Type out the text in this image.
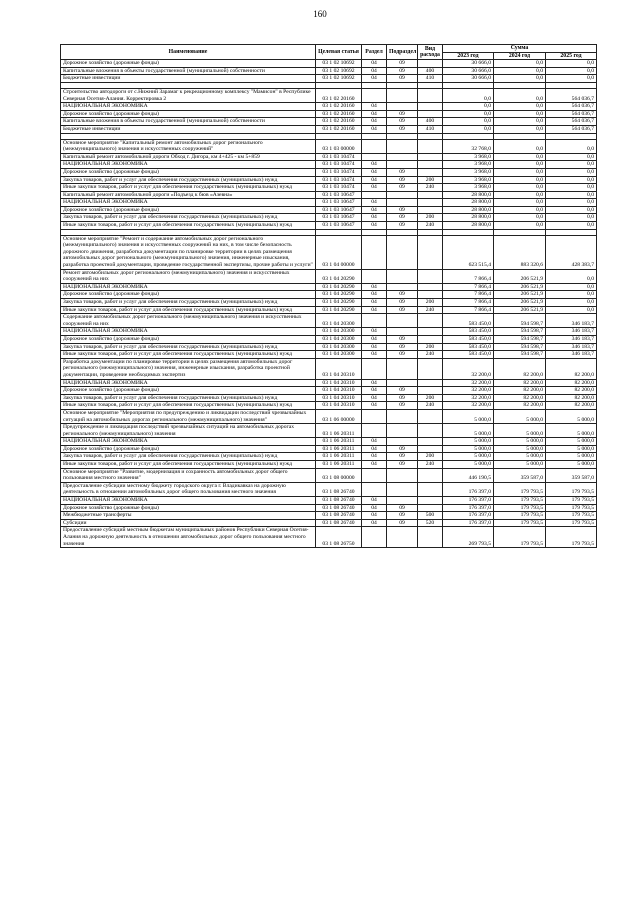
160
Наименование	Целевая статья	Раздел	Подраздел	Вид расхода	Сумма		
					2023 год	2024 год	2025 год
Дорожное хозяйство (дорожные фонды)	03 1 02 10692	04	09		30 666,0	0,0	0,0
Капитальные вложения в объекты государственной (муниципальной) собственности	03 1 02 10692	04	09	400	30 666,0	0,0	0,0
Бюджетные инвестиции	03 1 02 10692	04	09	410	30 666,0	0,0	0,0

Строительство автодороги от с.Нижний Зарамаг к рекреационному комплексу "Мамисон" в Республике Северная Осетия-Алания. Корректировка 2	03 1 02 20160				0,0	0,0	564 036,7
НАЦИОНАЛЬНАЯ ЭКОНОМИКА	03 1 02 20160	04			0,0	0,0	564 036,7
Дорожное хозяйство (дорожные фонды)	03 1 02 20160	04	09		0,0	0,0	564 036,7
Капитальные вложения в объекты государственной (муниципальной) собственности	03 1 02 20160	04	09	400	0,0	0,0	564 036,7
Бюджетные инвестиции	03 1 02 20160	04	09	410	0,0	0,0	564 036,7

Основное мероприятие "Капитальный ремонт автомобильных дорог регионального (межмуниципального) значения и искусственных сооружений"	03 1 03 00000				32 768,0	0,0	0,0
Капитальный ремонт автомобильной дороги Обход г. Дигора, км 4+425 - км 5+859	03 1 03 10474				3 968,0	0,0	0,0
НАЦИОНАЛЬНАЯ ЭКОНОМИКА	03 1 03 10474	04			3 968,0	0,0	0,0
Дорожное хозяйство (дорожные фонды)	03 1 03 10474	04	09		3 968,0	0,0	0,0
Закупка товаров, работ и услуг для обеспечения государственных (муниципальных) нужд	03 1 03 10474	04	09	200	3 968,0	0,0	0,0
Иные закупки товаров, работ и услуг для обеспечения государственных (муниципальных) нужд	03 1 03 10474	04	09	240	3 968,0	0,0	0,0
Капитальный ремонт автомобильной дороги «Подъезд к бюв «Азевна»	03 1 03 10647				28 800,0	0,0	0,0
НАЦИОНАЛЬНАЯ ЭКОНОМИКА	03 1 03 10647	04			28 800,0	0,0	0,0
Дорожное хозяйство (дорожные фонды)	03 1 03 10647	04	09		28 800,0	0,0	0,0
Закупка товаров, работ и услуг для обеспечения государственных (муниципальных) нужд	03 1 03 10647	04	09	200	28 800,0	0,0	0,0
Иные закупки товаров, работ и услуг для обеспечения государственных (муниципальных) нужд	03 1 03 10647	04	09	240	28 800,0	0,0	0,0

Основное мероприятие "Ремонт и содержание автомобильных дорог регионального (межмуниципального) значения и искусственных сооружений на них, в том числе безопасность дорожного движения, разработка документации по планировке территории в целях размещения автомобильных дорог регионального (межмуниципального) значения, инженерные изыскания, разработка проектной документации, проведение государственной экспертизы, прочие работы и услуги"	03 1 04 00000				623 515,4	883 320,6	428 383,7
Ремонт автомобильных дорог регионального (межмуниципального) значения и искусственных сооружений на них	03 1 04 20290				7 866,4	206 521,9	0,0
НАЦИОНАЛЬНАЯ ЭКОНОМИКА	03 1 04 20290	04			7 866,4	206 521,9	0,0
Дорожное хозяйство (дорожные фонды)	03 1 04 20290	04	09		7 866,4	206 521,9	0,0
Закупка товаров, работ и услуг для обеспечения государственных (муниципальных) нужд	03 1 04 20290	04	09	200	7 866,4	206 521,9	0,0
Иные закупки товаров, работ и услуг для обеспечения государственных (муниципальных) нужд	03 1 04 20290	04	09	240	7 866,4	206 521,9	0,0
Содержание автомобильных дорог регионального (межмуниципального) значения и искусственных сооружений на них	03 1 04 20300				583 450,0	594 598,7	346 183,7
НАЦИОНАЛЬНАЯ ЭКОНОМИКА	03 1 04 20300	04			583 450,0	594 598,7	346 183,7
Дорожное хозяйство (дорожные фонды)	03 1 04 20300	04	09		583 450,0	594 598,7	346 183,7
Закупка товаров, работ и услуг для обеспечения государственных (муниципальных) нужд	03 1 04 20300	04	09	200	583 450,0	594 598,7	346 183,7
Иные закупки товаров, работ и услуг для обеспечения государственных (муниципальных) нужд	03 1 04 20300	04	09	240	583 450,0	594 598,7	346 183,7
Разработка документации по планировке территории в целях размещения автомобильных дорог регионального (межмуниципального) значения, инженерные изыскания, разработка проектной документации, проведение необходимых экспертиз	03 1 04 20310				32 200,0	82 200,0	82 200,0
НАЦИОНАЛЬНАЯ ЭКОНОМИКА	03 1 04 20310	04			32 200,0	82 200,0	82 200,0
Дорожное хозяйство (дорожные фонды)	03 1 04 20310	04	09		32 200,0	82 200,0	82 200,0
Закупка товаров, работ и услуг для обеспечения государственных (муниципальных) нужд	03 1 04 20310	04	09	200	32 200,0	82 200,0	82 200,0
Иные закупки товаров, работ и услуг для обеспечения государственных (муниципальных) нужд	03 1 04 20310	04	09	240	32 200,0	82 200,0	82 200,0
Основное мероприятие "Мероприятия по предупреждению и ликвидации последствий чрезвычайных ситуаций на автомобильных дорогах регионального (межмуниципального) значения"	03 1 06 00000				5 000,0	5 000,0	5 000,0
Предупреждение и ликвидация последствий чрезвычайных ситуаций на автомобильных дорогах регионального (межмуниципального) значения	03 1 06 20311				5 000,0	5 000,0	5 000,0
НАЦИОНАЛЬНАЯ ЭКОНОМИКА	03 1 06 20311	04			5 000,0	5 000,0	5 000,0
Дорожное хозяйство (дорожные фонды)	03 1 06 20311	04	09		5 000,0	5 000,0	5 000,0
Закупка товаров, работ и услуг для обеспечения государственных (муниципальных) нужд	03 1 06 20311	04	09	200	5 000,0	5 000,0	5 000,0
Иные закупки товаров, работ и услуг для обеспечения государственных (муниципальных) нужд	03 1 06 20311	04	09	240	5 000,0	5 000,0	5 000,0
Основное мероприятие "Развитие, модернизация и сохранность автомобильных дорог общего пользования местного значения"	03 1 08 00000				446 190,5	359 587,0	359 587,0
Предоставление субсидии местному бюджету городского округа г. Владикавказ на дорожную деятельность в отношении автомобильных дорог общего пользования местного значения	03 1 08 26740				176 397,0	179 793,5	179 793,5
НАЦИОНАЛЬНАЯ ЭКОНОМИКА	03 1 08 26740	04			176 397,0	179 793,5	179 793,5
Дорожное хозяйство (дорожные фонды)	03 1 08 26740	04	09		176 397,0	179 793,5	179 793,5
Межбюджетные трансферты	03 1 08 26740	04	09	500	176 397,0	179 793,5	179 793,5
Субсидии	03 1 08 26740	04	09	520	176 397,0	179 793,5	179 793,5
Предоставление субсидий местным бюджетам муниципальных районов Республики Северная Осетия-Алания на дорожную деятельность в отношении автомобильных дорог общего пользования местного значения	03 1 08 26750				269 793,5	179 793,5	179 793,5
